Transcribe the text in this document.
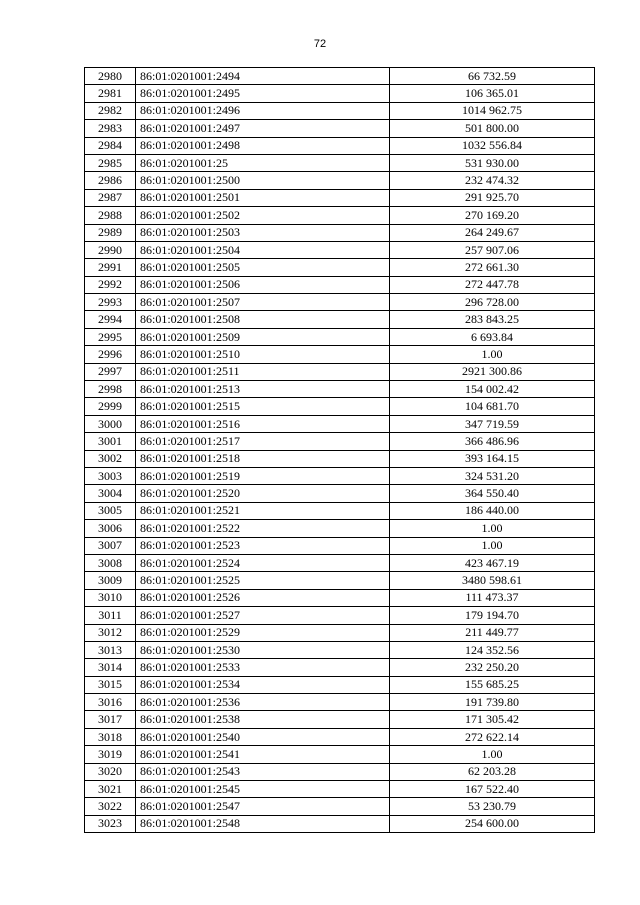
72
2980	86:01:0201001:2494	66 732.59
2981	86:01:0201001:2495	106 365.01
2982	86:01:0201001:2496	1014 962.75
2983	86:01:0201001:2497	501 800.00
2984	86:01:0201001:2498	1032 556.84
2985	86:01:0201001:25	531 930.00
2986	86:01:0201001:2500	232 474.32
2987	86:01:0201001:2501	291 925.70
2988	86:01:0201001:2502	270 169.20
2989	86:01:0201001:2503	264 249.67
2990	86:01:0201001:2504	257 907.06
2991	86:01:0201001:2505	272 661.30
2992	86:01:0201001:2506	272 447.78
2993	86:01:0201001:2507	296 728.00
2994	86:01:0201001:2508	283 843.25
2995	86:01:0201001:2509	6 693.84
2996	86:01:0201001:2510	1.00
2997	86:01:0201001:2511	2921 300.86
2998	86:01:0201001:2513	154 002.42
2999	86:01:0201001:2515	104 681.70
3000	86:01:0201001:2516	347 719.59
3001	86:01:0201001:2517	366 486.96
3002	86:01:0201001:2518	393 164.15
3003	86:01:0201001:2519	324 531.20
3004	86:01:0201001:2520	364 550.40
3005	86:01:0201001:2521	186 440.00
3006	86:01:0201001:2522	1.00
3007	86:01:0201001:2523	1.00
3008	86:01:0201001:2524	423 467.19
3009	86:01:0201001:2525	3480 598.61
3010	86:01:0201001:2526	111 473.37
3011	86:01:0201001:2527	179 194.70
3012	86:01:0201001:2529	211 449.77
3013	86:01:0201001:2530	124 352.56
3014	86:01:0201001:2533	232 250.20
3015	86:01:0201001:2534	155 685.25
3016	86:01:0201001:2536	191 739.80
3017	86:01:0201001:2538	171 305.42
3018	86:01:0201001:2540	272 622.14
3019	86:01:0201001:2541	1.00
3020	86:01:0201001:2543	62 203.28
3021	86:01:0201001:2545	167 522.40
3022	86:01:0201001:2547	53 230.79
3023	86:01:0201001:2548	254 600.00
